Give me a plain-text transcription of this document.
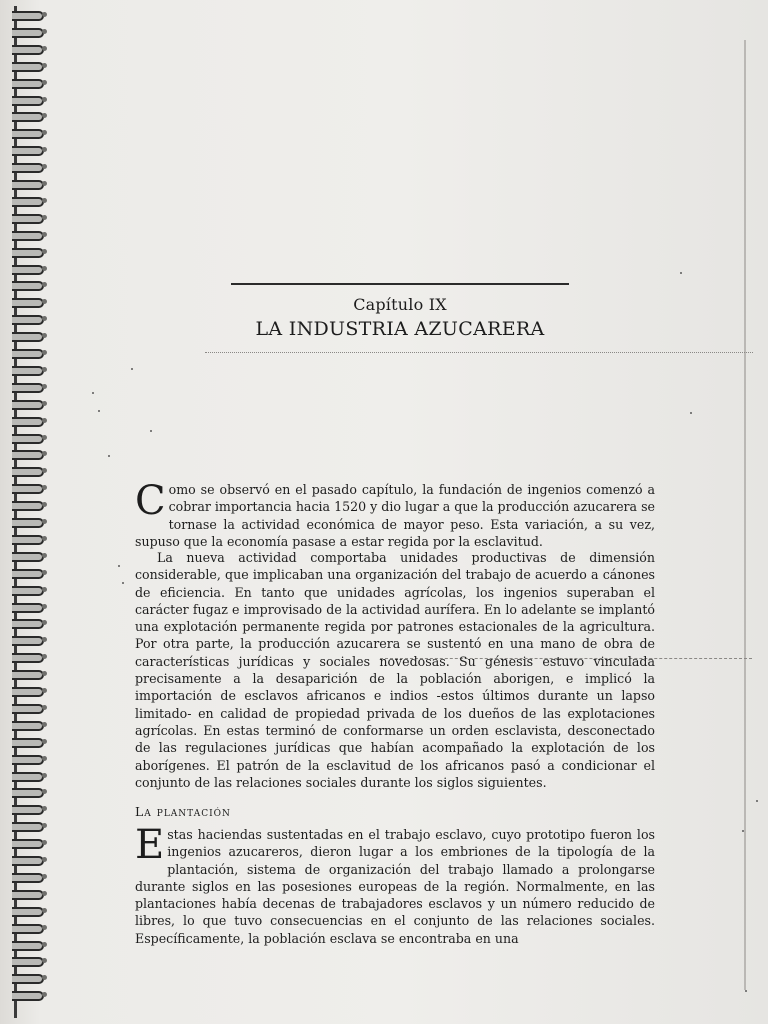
Capítulo IX
LA INDUSTRIA AZUCARERA
Como se observó en el pasado capítulo, la fundación de ingenios comenzó a cobrar importancia hacia 1520 y dio lugar a que la producción azucarera se tornase la actividad económica de mayor peso. Esta variación, a su vez, supuso que la economía pasase a estar regida por la esclavitud.
La nueva actividad comportaba unidades productivas de dimensión considerable, que implicaban una organización del trabajo de acuerdo a cánones de eficiencia. En tanto que unidades agrícolas, los ingenios superaban el carácter fugaz e improvisado de la actividad aurífera. En lo adelante se implantó una explotación permanente regida por patrones estacionales de la agricultura. Por otra parte, la producción azucarera se sustentó en una mano de obra de características jurídicas y sociales novedosas. Su génesis estuvo vinculada precisamente a la desaparición de la población aborigen, e implicó la importación de esclavos africanos e indios -estos últimos durante un lapso limitado- en calidad de propiedad privada de los dueños de las explotaciones agrícolas. En estas terminó de conformarse un orden esclavista, desconectado de las regulaciones jurídicas que habían acompañado la explotación de los aborígenes. El patrón de la esclavitud de los africanos pasó a condicionar el conjunto de las relaciones sociales durante los siglos siguientes.
La plantación
Estas haciendas sustentadas en el trabajo esclavo, cuyo prototipo fueron los ingenios azucareros, dieron lugar a los embriones de la tipología de la plantación, sistema de organización del trabajo llamado a prolongarse durante siglos en las posesiones europeas de la región. Normalmente, en las plantaciones había decenas de trabajadores esclavos y un número reducido de libres, lo que tuvo consecuencias en el conjunto de las relaciones sociales. Específicamente, la población esclava se encontraba en una
